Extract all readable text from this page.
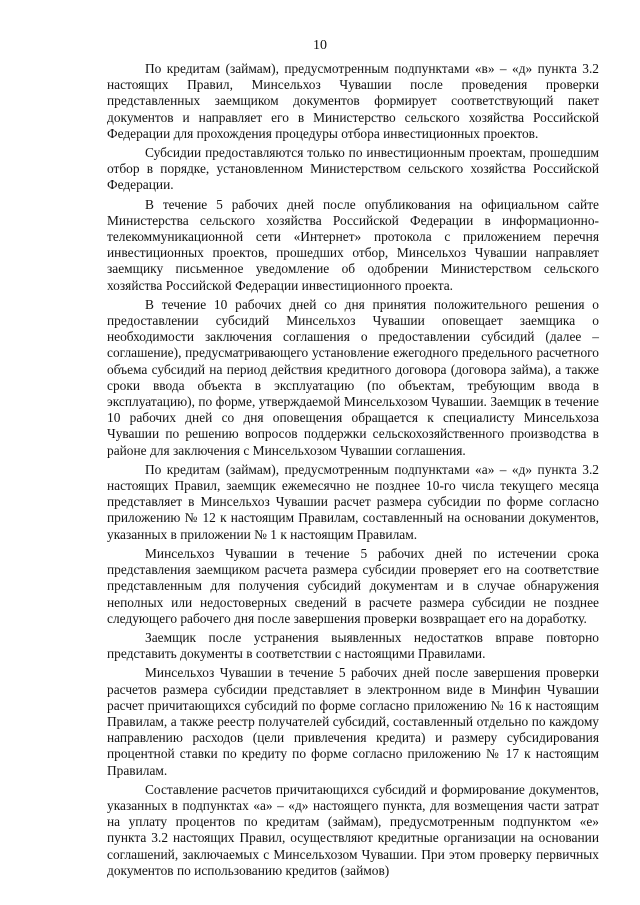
10

По кредитам (займам), предусмотренным подпунктами «в» – «д» пункта 3.2 настоящих Правил, Минсельхоз Чувашии после проведения проверки представленных заемщиком документов формирует соответствующий пакет документов и направляет его в Министерство сельского хозяйства Российской Федерации для прохождения процедуры отбора инвестиционных проектов.

Субсидии предоставляются только по инвестиционным проектам, прошедшим отбор в порядке, установленном Министерством сельского хозяйства Российской Федерации.

В течение 5 рабочих дней после опубликования на официальном сайте Министерства сельского хозяйства Российской Федерации в информационно-телекоммуникационной сети «Интернет» протокола с приложением перечня инвестиционных проектов, прошедших отбор, Минсельхоз Чувашии направляет заемщику письменное уведомление об одобрении Министерством сельского хозяйства Российской Федерации инвестиционного проекта.

В течение 10 рабочих дней со дня принятия положительного решения о предоставлении субсидий Минсельхоз Чувашии оповещает заемщика о необходимости заключения соглашения о предоставлении субсидий (далее – соглашение), предусматривающего установление ежегодного предельного расчетного объема субсидий на период действия кредитного договора (договора займа), а также сроки ввода объекта в эксплуатацию (по объектам, требующим ввода в эксплуатацию), по форме, утверждаемой Минсельхозом Чувашии. Заемщик в течение 10 рабочих дней со дня оповещения обращается к специалисту Минсельхоза Чувашии по решению вопросов поддержки сельскохозяйственного производства в районе для заключения с Минсельхозом Чувашии соглашения.

По кредитам (займам), предусмотренным подпунктами «а» – «д» пункта 3.2 настоящих Правил, заемщик ежемесячно не позднее 10-го числа текущего месяца представляет в Минсельхоз Чувашии расчет размера субсидии по форме согласно приложению № 12 к настоящим Правилам, составленный на основании документов, указанных в приложении № 1 к настоящим Правилам.

Минсельхоз Чувашии в течение 5 рабочих дней по истечении срока представления заемщиком расчета размера субсидии проверяет его на соответствие представленным для получения субсидий документам и в случае обнаружения неполных или недостоверных сведений в расчете размера субсидии не позднее следующего рабочего дня после завершения проверки возвращает его на доработку.

Заемщик после устранения выявленных недостатков вправе повторно представить документы в соответствии с настоящими Правилами.

Минсельхоз Чувашии в течение 5 рабочих дней после завершения проверки расчетов размера субсидии представляет в электронном виде в Минфин Чувашии расчет причитающихся субсидий по форме согласно приложению № 16 к настоящим Правилам, а также реестр получателей субсидий, составленный отдельно по каждому направлению расходов (цели привлечения кредита) и размеру субсидирования процентной ставки по кредиту по форме согласно приложению № 17 к настоящим Правилам.

Составление расчетов причитающихся субсидий и формирование документов, указанных в подпунктах «а» – «д» настоящего пункта, для возмещения части затрат на уплату процентов по кредитам (займам), предусмотренным подпунктом «е» пункта 3.2 настоящих Правил, осуществляют кредитные организации на основании соглашений, заключаемых с Минсельхозом Чувашии. При этом проверку первичных документов по использованию кредитов (займов)
